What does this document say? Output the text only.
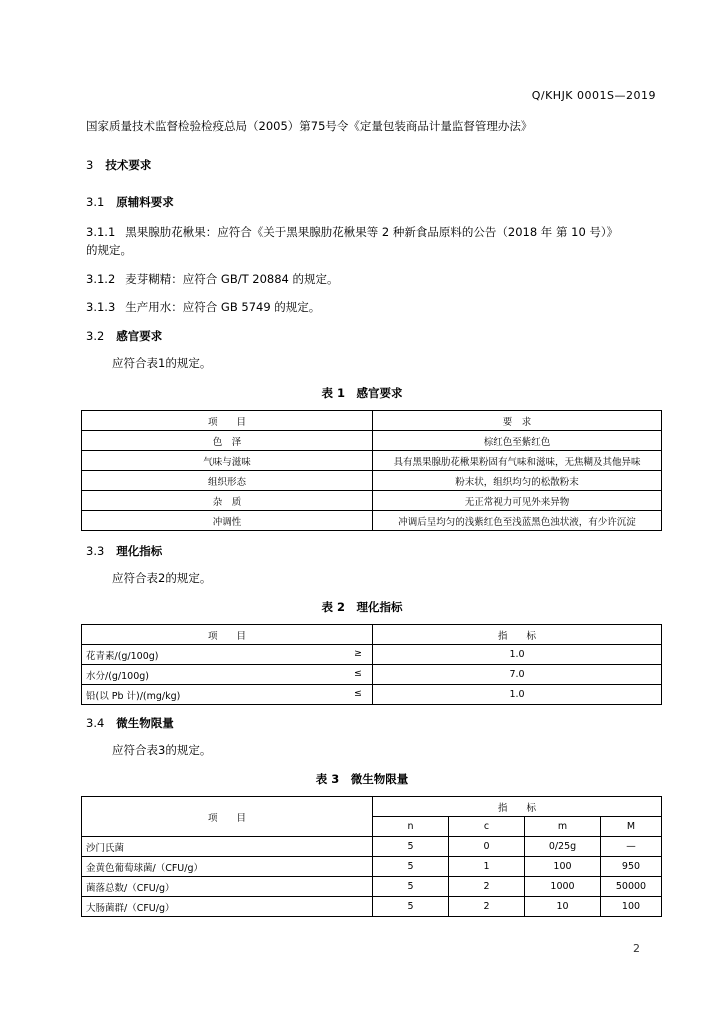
Q/KHJK 0001S—2019
国家质量技术监督检验检疫总局（2005）第75号令《定量包装商品计量监督管理办法》
3 技术要求
3.1 原辅料要求
3.1.1 黑果腺肋花楸果：应符合《关于黑果腺肋花楸果等 2 种新食品原料的公告（2018 年 第 10 号）》
的规定。
3.1.2 麦芽糊精：应符合 GB/T 20884 的规定。
3.1.3 生产用水：应符合 GB 5749 的规定。
3.2 感官要求
应符合表1的规定。
表 1　感官要求
项　　目	要　求
色　泽	棕红色至紫红色
气味与滋味	具有黑果腺肋花楸果粉固有气味和滋味，无焦糊及其他异味
组织形态	粉末状，组织均匀的松散粉末
杂　质	无正常视力可见外来异物
冲调性	冲调后呈均匀的浅紫红色至浅蓝黑色浊状液，有少许沉淀
3.3 理化指标
应符合表2的规定。
表 2　理化指标
项　　目	指　　标
花青素/(g/100g) ≥	1.0
水分/(g/100g) ≤	7.0
铅(以 Pb 计)/(mg/kg) ≤	1.0
3.4 微生物限量
应符合表3的规定。
表 3　微生物限量
项　　目	指　　标			
	n	c	m	M
沙门氏菌	5	0	0/25g	—
金黄色葡萄球菌/（CFU/g）	5	1	100	950
菌落总数/（CFU/g）	5	2	1000	50000
大肠菌群/（CFU/g）	5	2	10	100
2
